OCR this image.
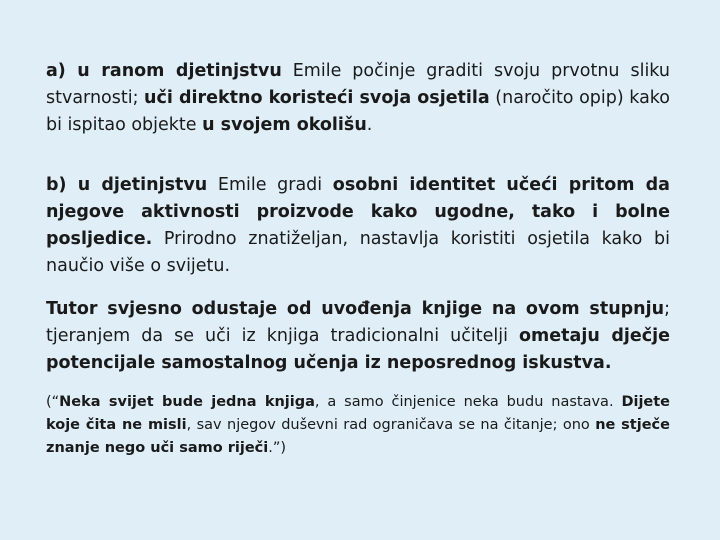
a) u ranom djetinjstvu Emile počinje graditi svoju prvotnu sliku stvarnosti; uči direktno koristeći svoja osjetila (naročito opip) kako bi ispitao objekte u svojem okolišu.

b) u djetinjstvu Emile gradi osobni identitet učeći pritom da njegove aktivnosti proizvode kako ugodne, tako i bolne posljedice. Prirodno znatiželjan, nastavlja koristiti osjetila kako bi naučio više o svijetu.

Tutor svjesno odustaje od uvođenja knjige na ovom stupnju; tjeranjem da se uči iz knjiga tradicionalni učitelji ometaju dječje potencijale samostalnog učenja iz neposrednog iskustva.

(“Neka svijet bude jedna knjiga, a samo činjenice neka budu nastava. Dijete koje čita ne misli, sav njegov duševni rad ograničava se na čitanje; ono ne stječe znanje nego uči samo riječi.”)
